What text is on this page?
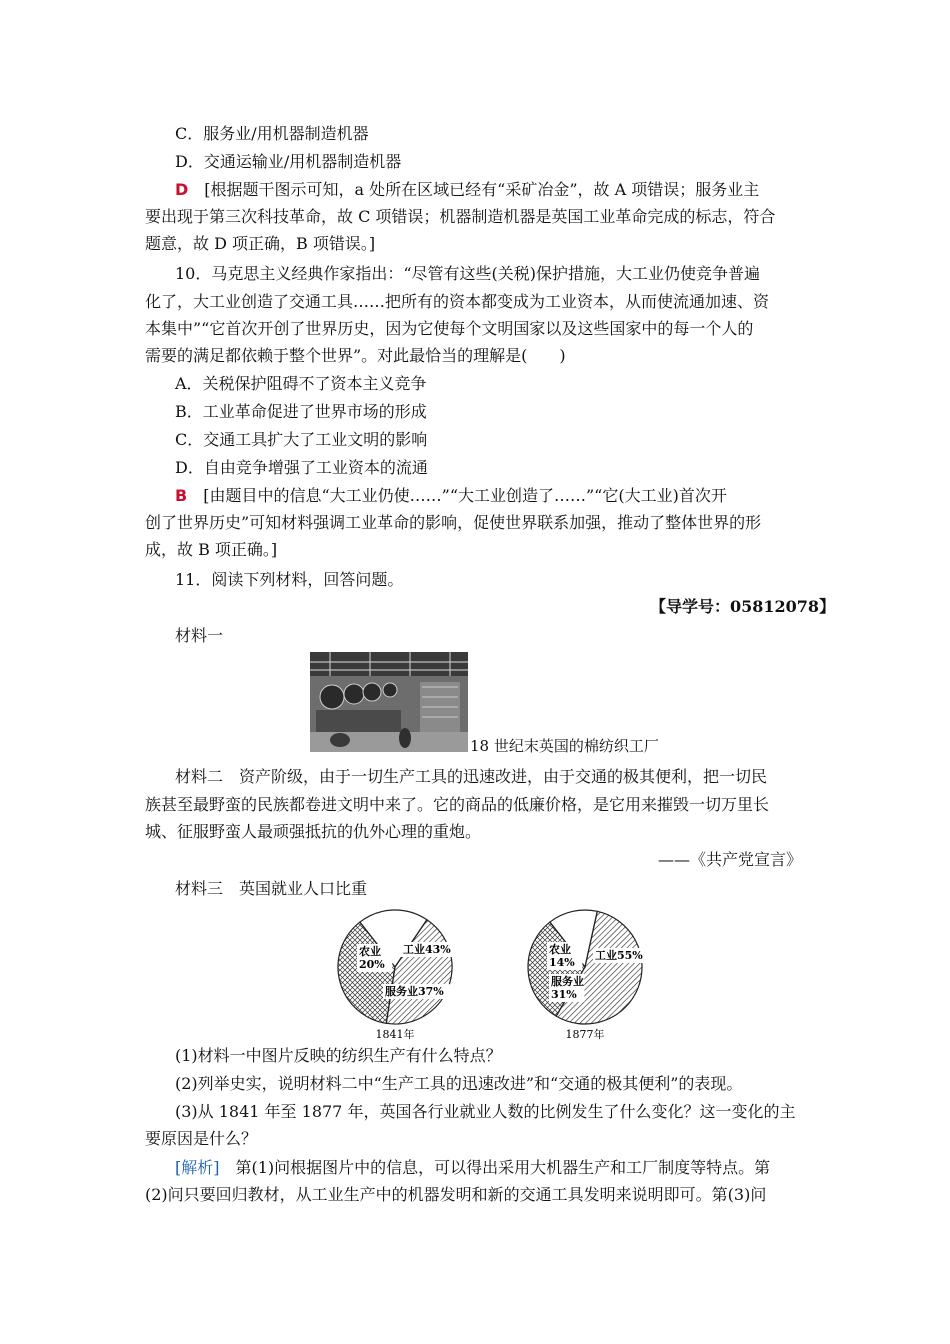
C．服务业/用机器制造机器
D．交通运输业/用机器制造机器
D　 [根据题干图示可知，a 处所在区域已经有“采矿冶金”，故 A 项错误；服务业主
要出现于第三次科技革命，故 C 项错误；机器制造机器是英国工业革命完成的标志，符合
题意，故 D 项正确，B 项错误。]
10．马克思主义经典作家指出：“尽管有这些(关税)保护措施，大工业仍使竞争普遍
化了，大工业创造了交通工具……把所有的资本都变成为工业资本，从而使流通加速、资
本集中”“它首次开创了世界历史，因为它使每个文明国家以及这些国家中的每一个人的
需要的满足都依赖于整个世界”。对此最恰当的理解是(　　)
A．关税保护阻碍不了资本主义竞争
B．工业革命促进了世界市场的形成
C．交通工具扩大了工业文明的影响
D．自由竞争增强了工业资本的流通
B　 [由题目中的信息“大工业仍使……”“大工业创造了……”“它(大工业)首次开
创了世界历史”可知材料强调工业革命的影响，促使世界联系加强，推动了整体世界的形
成，故 B 项正确。]
11．阅读下列材料，回答问题。
【导学号：05812078】
材料一
18 世纪末英国的棉纺织工厂
材料二　资产阶级，由于一切生产工具的迅速改进，由于交通的极其便利，把一切民
族甚至最野蛮的民族都卷进文明中来了。它的商品的低廉价格，是它用来摧毁一切万里长
城、征服野蛮人最顽强抵抗的仇外心理的重炮。
——《共产党宣言》
材料三　英国就业人口比重
农业
20%
工业43%
服务业37%
1841年
农业
14%
工业55%
服务业
31%
1877年
(1)材料一中图片反映的纺织生产有什么特点？
(2)列举史实，说明材料二中“生产工具的迅速改进”和“交通的极其便利”的表现。
(3)从 1841 年至 1877 年，英国各行业就业人数的比例发生了什么变化？这一变化的主
要原因是什么？
[解析]　第(1)问根据图片中的信息，可以得出采用大机器生产和工厂制度等特点。第
(2)问只要回归教材，从工业生产中的机器发明和新的交通工具发明来说明即可。第(3)问
